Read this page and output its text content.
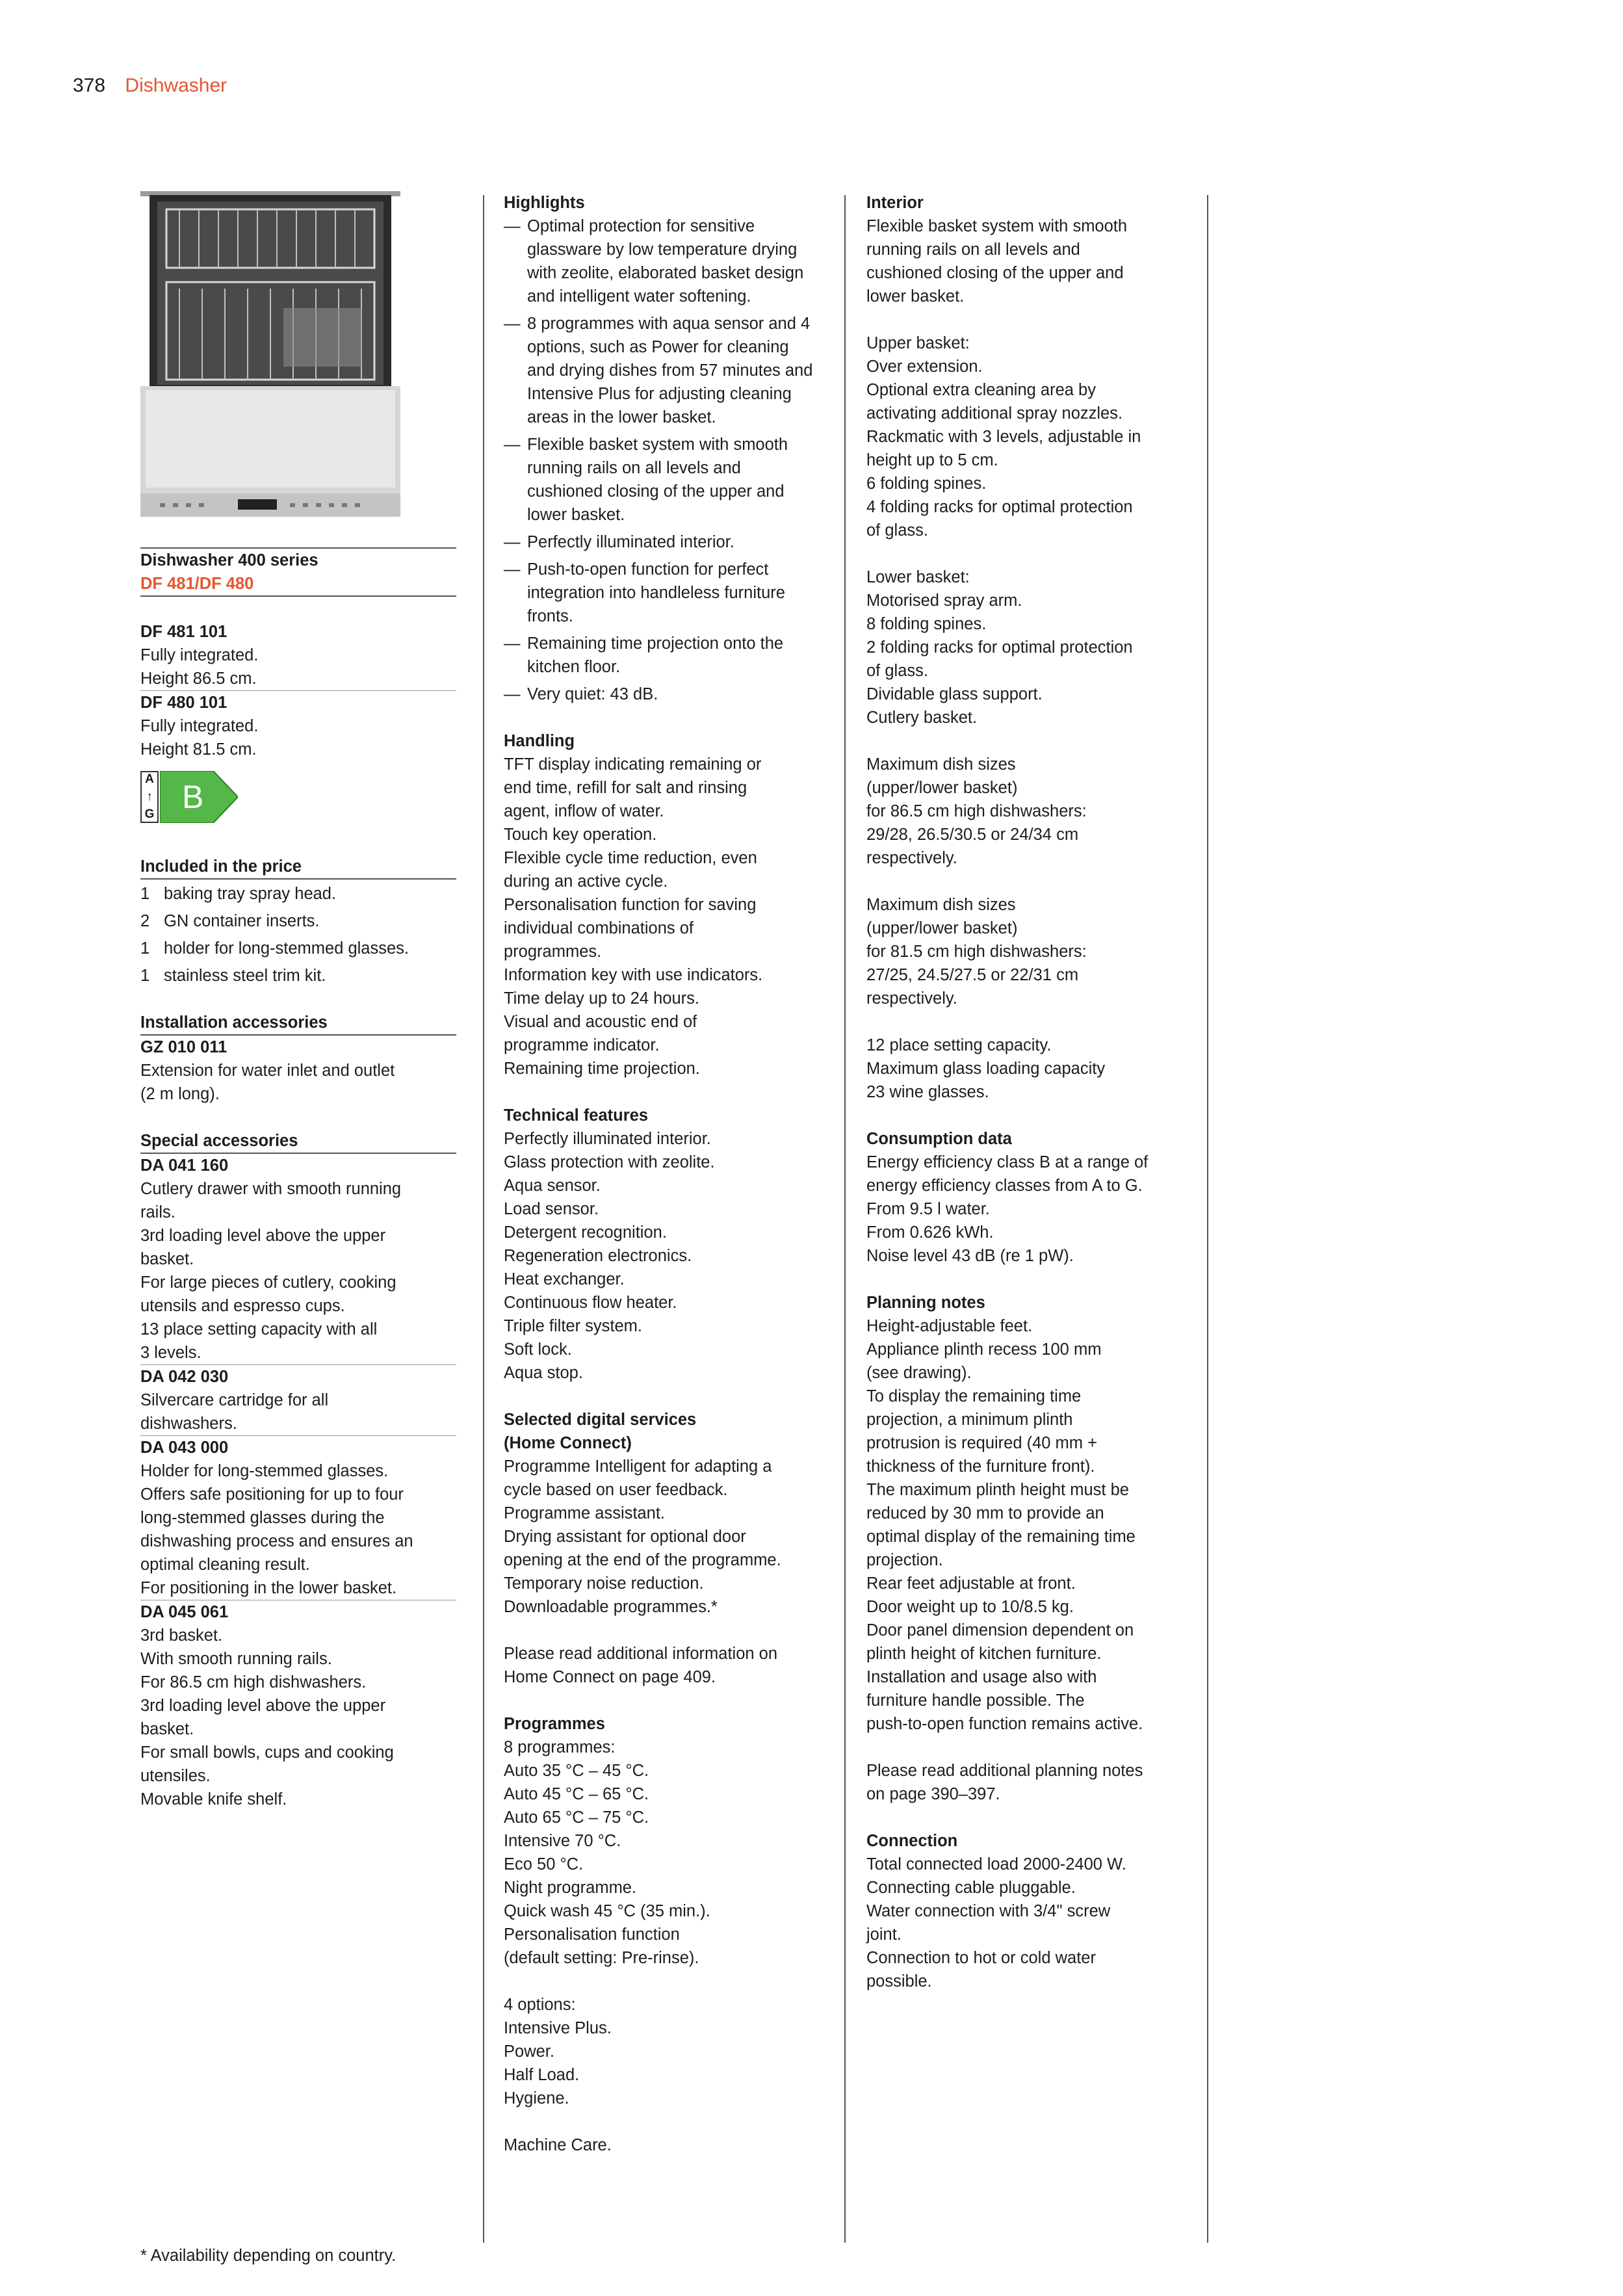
378 Dishwasher
Dishwasher 400 series
DF 481/DF 480
DF 481 101
Fully integrated.
Height 86.5 cm.
DF 480 101
Fully integrated.
Height 81.5 cm.
A
↑
G B
Included in the price
1 baking tray spray head.
2 GN container inserts.
1 holder for long-stemmed glasses.
1 stainless steel trim kit.
Installation accessories
GZ 010 011
Extension for water inlet and outlet
(2 m long).
Special accessories
DA 041 160
Cutlery drawer with smooth running
rails.
3rd loading level above the upper
basket.
For large pieces of cutlery, cooking
utensils and espresso cups.
13 place setting capacity with all
3 levels.
DA 042 030
Silvercare cartridge for all
dishwashers.
DA 043 000
Holder for long-stemmed glasses.
Offers safe positioning for up to four
long-stemmed glasses during the
dishwashing process and ensures an
optimal cleaning result.
For positioning in the lower basket.
DA 045 061
3rd basket.
With smooth running rails.
For 86.5 cm high dishwashers.
3rd loading level above the upper
basket.
For small bowls, cups and cooking
utensiles.
Movable knife shelf.
* Availability depending on country.
Highlights
— Optimal protection for sensitive glassware by low temperature drying with zeolite, elaborated basket design and intelligent water softening.
— 8 programmes with aqua sensor and 4 options, such as Power for cleaning and drying dishes from 57 minutes and Intensive Plus for adjusting cleaning areas in the lower basket.
— Flexible basket system with smooth running rails on all levels and cushioned closing of the upper and lower basket.
— Perfectly illuminated interior.
— Push-to-open function for perfect integration into handleless furniture fronts.
— Remaining time projection onto the kitchen floor.
— Very quiet: 43 dB.
Handling
TFT display indicating remaining or
end time, refill for salt and rinsing
agent, inflow of water.
Touch key operation.
Flexible cycle time reduction, even
during an active cycle.
Personalisation function for saving
individual combinations of
programmes.
Information key with use indicators.
Time delay up to 24 hours.
Visual and acoustic end of
programme indicator.
Remaining time projection.
Technical features
Perfectly illuminated interior.
Glass protection with zeolite.
Aqua sensor.
Load sensor.
Detergent recognition.
Regeneration electronics.
Heat exchanger.
Continuous flow heater.
Triple filter system.
Soft lock.
Aqua stop.
Selected digital services
(Home Connect)
Programme Intelligent for adapting a
cycle based on user feedback.
Programme assistant.
Drying assistant for optional door
opening at the end of the programme.
Temporary noise reduction.
Downloadable programmes.*
Please read additional information on
Home Connect on page 409.
Programmes
8 programmes:
Auto 35 °C – 45 °C.
Auto 45 °C – 65 °C.
Auto 65 °C – 75 °C.
Intensive 70 °C.
Eco 50 °C.
Night programme.
Quick wash 45 °C (35 min.).
Personalisation function
(default setting: Pre-rinse).
4 options:
Intensive Plus.
Power.
Half Load.
Hygiene.
Machine Care.
Interior
Flexible basket system with smooth
running rails on all levels and
cushioned closing of the upper and
lower basket.
Upper basket:
Over extension.
Optional extra cleaning area by
activating additional spray nozzles.
Rackmatic with 3 levels, adjustable in
height up to 5 cm.
6 folding spines.
4 folding racks for optimal protection
of glass.
Lower basket:
Motorised spray arm.
8 folding spines.
2 folding racks for optimal protection
of glass.
Dividable glass support.
Cutlery basket.
Maximum dish sizes
(upper/lower basket)
for 86.5 cm high dishwashers:
29/28, 26.5/30.5 or 24/34 cm
respectively.
Maximum dish sizes
(upper/lower basket)
for 81.5 cm high dishwashers:
27/25, 24.5/27.5 or 22/31 cm
respectively.
12 place setting capacity.
Maximum glass loading capacity
23 wine glasses.
Consumption data
Energy efficiency class B at a range of
energy efficiency classes from A to G.
From 9.5 l water.
From 0.626 kWh.
Noise level 43 dB (re 1 pW).
Planning notes
Height-adjustable feet.
Appliance plinth recess 100 mm
(see drawing).
To display the remaining time
projection, a minimum plinth
protrusion is required (40 mm +
thickness of the furniture front).
The maximum plinth height must be
reduced by 30 mm to provide an
optimal display of the remaining time
projection.
Rear feet adjustable at front.
Door weight up to 10/8.5 kg.
Door panel dimension dependent on
plinth height of kitchen furniture.
Installation and usage also with
furniture handle possible. The
push-to-open function remains active.
Please read additional planning notes
on page 390–397.
Connection
Total connected load 2000-2400 W.
Connecting cable pluggable.
Water connection with 3/4" screw
joint.
Connection to hot or cold water
possible.
